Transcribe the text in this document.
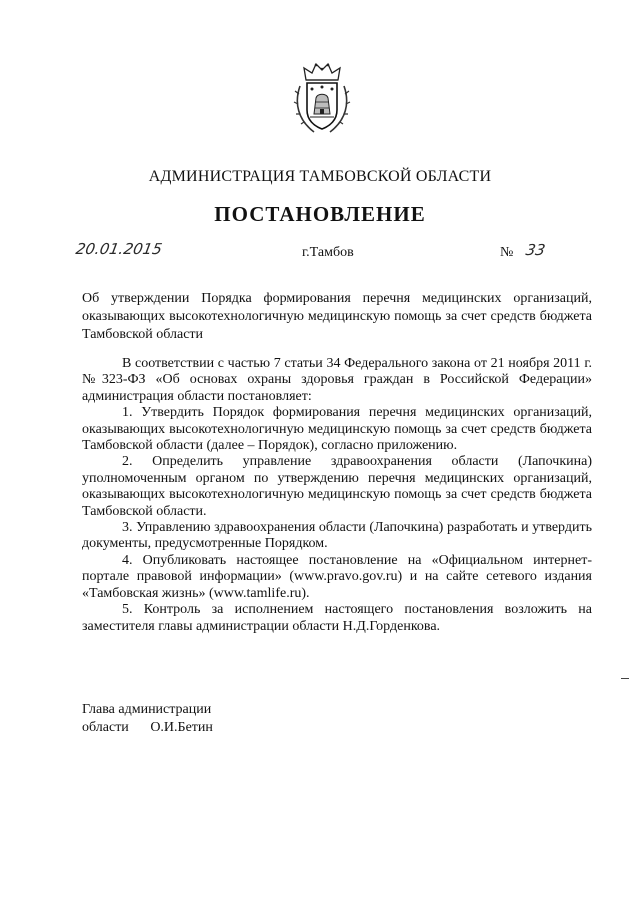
АДМИНИСТРАЦИЯ ТАМБОВСКОЙ ОБЛАСТИ
ПОСТАНОВЛЕНИЕ
20.01.2015	г.Тамбов	№ 33
Об утверждении Порядка формирования перечня медицинских организаций, оказывающих высокотехнологичную медицинскую помощь за счет средств бюджета Тамбовской области

В соответствии с частью 7 статьи 34 Федерального закона от 21 ноября 2011 г. №323-ФЗ «Об основах охраны здоровья граждан в Российской Федерации» администрация области постановляет:

1. Утвердить Порядок формирования перечня медицинских организаций, оказывающих высокотехнологичную медицинскую помощь за счет средств бюджета Тамбовской области (далее – Порядок), согласно приложению.

2. Определить управление здравоохранения области (Лапочкина) уполномоченным органом по утверждению перечня медицинских организаций, оказывающих высокотехнологичную медицинскую помощь за счет средств бюджета Тамбовской области.

3. Управлению здравоохранения области (Лапочкина) разработать и утвердить документы, предусмотренные Порядком.

4. Опубликовать настоящее постановление на «Официальном интернет-портале правовой информации» (www.pravo.gov.ru) и на сайте сетевого издания «Тамбовская жизнь» (www.tamlife.ru).

5. Контроль за исполнением настоящего постановления возложить на заместителя главы администрации области Н.Д.Горденкова.

Глава администрации
области О.И.Бетин
